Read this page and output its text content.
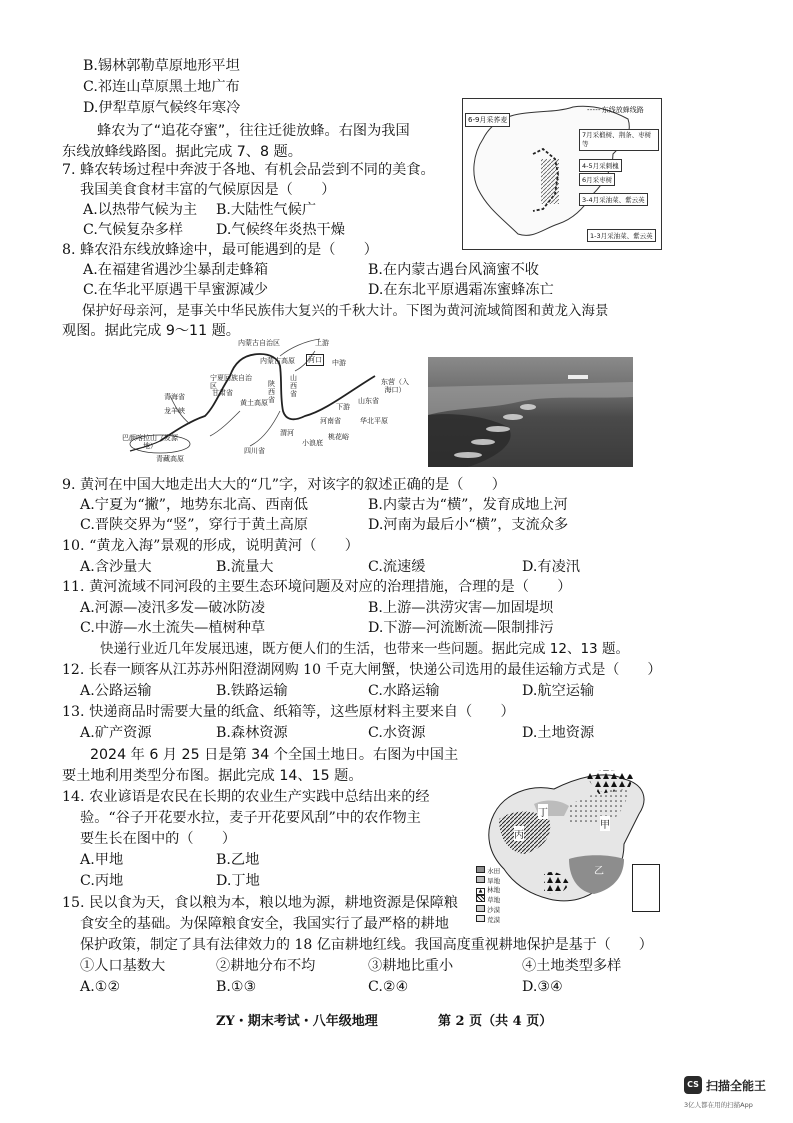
B.锡林郭勒草原地形平坦
C.祁连山草原黑土地广布
D.伊犁草原气候终年寒冷
蜂农为了“追花夺蜜”，往往迁徙放蜂。右图为我国
东线放蜂线路图。据此完成 7、8 题。
7. 蜂农转场过程中奔波于各地、有机会品尝到不同的美食。
我国美食食材丰富的气候原因是（　　）
A.以热带气候为主 B.大陆性气候广
C.气候复杂多样 D.气候终年炎热干燥
8. 蜂农沿东线放蜂途中，最可能遇到的是（　　）
A.在福建省遇沙尘暴刮走蜂箱	B.在内蒙古遇台风滴蜜不收
C.在华北平原遇干旱蜜源减少	D.在东北平原遇霜冻蜜蜂冻亡
保护好母亲河，是事关中华民族伟大复兴的千秋大计。下图为黄河流域简图和黄龙入海景
观图。据此完成 9～11 题。
6-9月采荞麦
7月采椴树、荆条、枣树等
4-5月采刺槐
6月采枣树
3-4月采油菜、紫云英
1-3月采油菜、紫云英
- - - - - 东线放蜂线路
内蒙古自治区	上游
内蒙古高原 河口 中游
宁夏回族自治区
甘肃省
陕西省
山西省
青海省
龙羊峡
黄土高原
东营（入海口）
山东省
下游
华北平原
河南省
桃花峪
小浪底
四川省
巴颜喀拉山（发源地）
青藏高原
渭河
9. 黄河在中国大地走出大大的“几”字，对该字的叙述正确的是（　　）
A.宁夏为“撇”，地势东北高、西南低	B.内蒙古为“横”，发育成地上河
C.晋陕交界为“竖”，穿行于黄土高原	D.河南为最后小“横”，支流众多
10. “黄龙入海”景观的形成，说明黄河（　　）
A.含沙量大	B.流量大	C.流速缓	D.有凌汛
11. 黄河流域不同河段的主要生态环境问题及对应的治理措施，合理的是（　　）
A.河源—凌汛多发—破冰防凌	B.上游—洪涝灾害—加固堤坝
C.中游—水土流失—植树种草	D.下游—河流断流—限制排污
快递行业近几年发展迅速，既方便人们的生活，也带来一些问题。据此完成 12、13 题。
12. 长春一顾客从江苏苏州阳澄湖网购 10 千克大闸蟹，快递公司选用的最佳运输方式是（　　）
A.公路运输	B.铁路运输	C.水路运输	D.航空运输
13. 快递商品时需要大量的纸盒、纸箱等，这些原材料主要来自（　　）
A.矿产资源	B.森林资源	C.水资源	D.土地资源
2024 年 6 月 25 日是第 34 个全国土地日。右图为中国主
要土地利用类型分布图。据此完成 14、15 题。
14. 农业谚语是农民在长期的农业生产实践中总结出来的经
验。“谷子开花要水拉，麦子开花要风刮”中的农作物主
要生长在图中的（　　）
A.甲地	B.乙地
C.丙地	D.丁地
甲
乙
丙
丁
水田
旱地
▲ 林地
草地
沙漠
荒漠
15. 民以食为天，食以粮为本，粮以地为源，耕地资源是保障粮
食安全的基础。为保障粮食安全，我国实行了最严格的耕地
保护政策，制定了具有法律效力的 18 亿亩耕地红线。我国高度重视耕地保护是基于（　　）
①人口基数大	②耕地分布不均	③耕地比重小	④土地类型多样
A.①②	B.①③	C.②④	D.③④
ZY・期末考试・八年级地理	第 2 页（共 4 页）
CS 扫描全能王
3亿人都在用的扫描App
